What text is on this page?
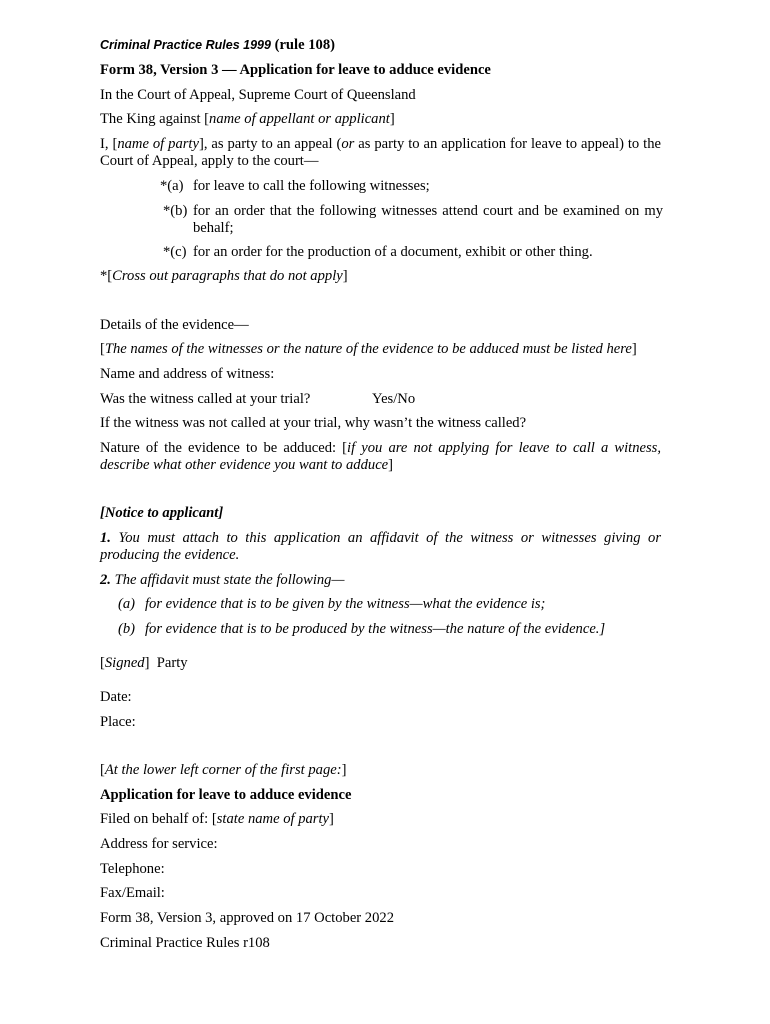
Criminal Practice Rules 1999 (rule 108)
Form 38, Version 3 — Application for leave to adduce evidence
In the Court of Appeal, Supreme Court of Queensland
The King against [name of appellant or applicant]
I, [name of party], as party to an appeal (or as party to an application for leave to appeal) to the Court of Appeal, apply to the court—
*(a) for leave to call the following witnesses;
*(b) for an order that the following witnesses attend court and be examined on my behalf;
*(c) for an order for the production of a document, exhibit or other thing.
*[Cross out paragraphs that do not apply]
Details of the evidence—
[The names of the witnesses or the nature of the evidence to be adduced must be listed here]
Name and address of witness:
Was the witness called at your trial?	Yes/No
If the witness was not called at your trial, why wasn’t the witness called?
Nature of the evidence to be adduced: [if you are not applying for leave to call a witness, describe what other evidence you want to adduce]
[Notice to applicant]
1. You must attach to this application an affidavit of the witness or witnesses giving or producing the evidence.
2. The affidavit must state the following—
(a) for evidence that is to be given by the witness—what the evidence is;
(b) for evidence that is to be produced by the witness—the nature of the evidence.]
[Signed] Party
Date:
Place:
[At the lower left corner of the first page:]
Application for leave to adduce evidence
Filed on behalf of: [state name of party]
Address for service:
Telephone:
Fax/Email:
Form 38, Version 3, approved on 17 October 2022
Criminal Practice Rules r108
